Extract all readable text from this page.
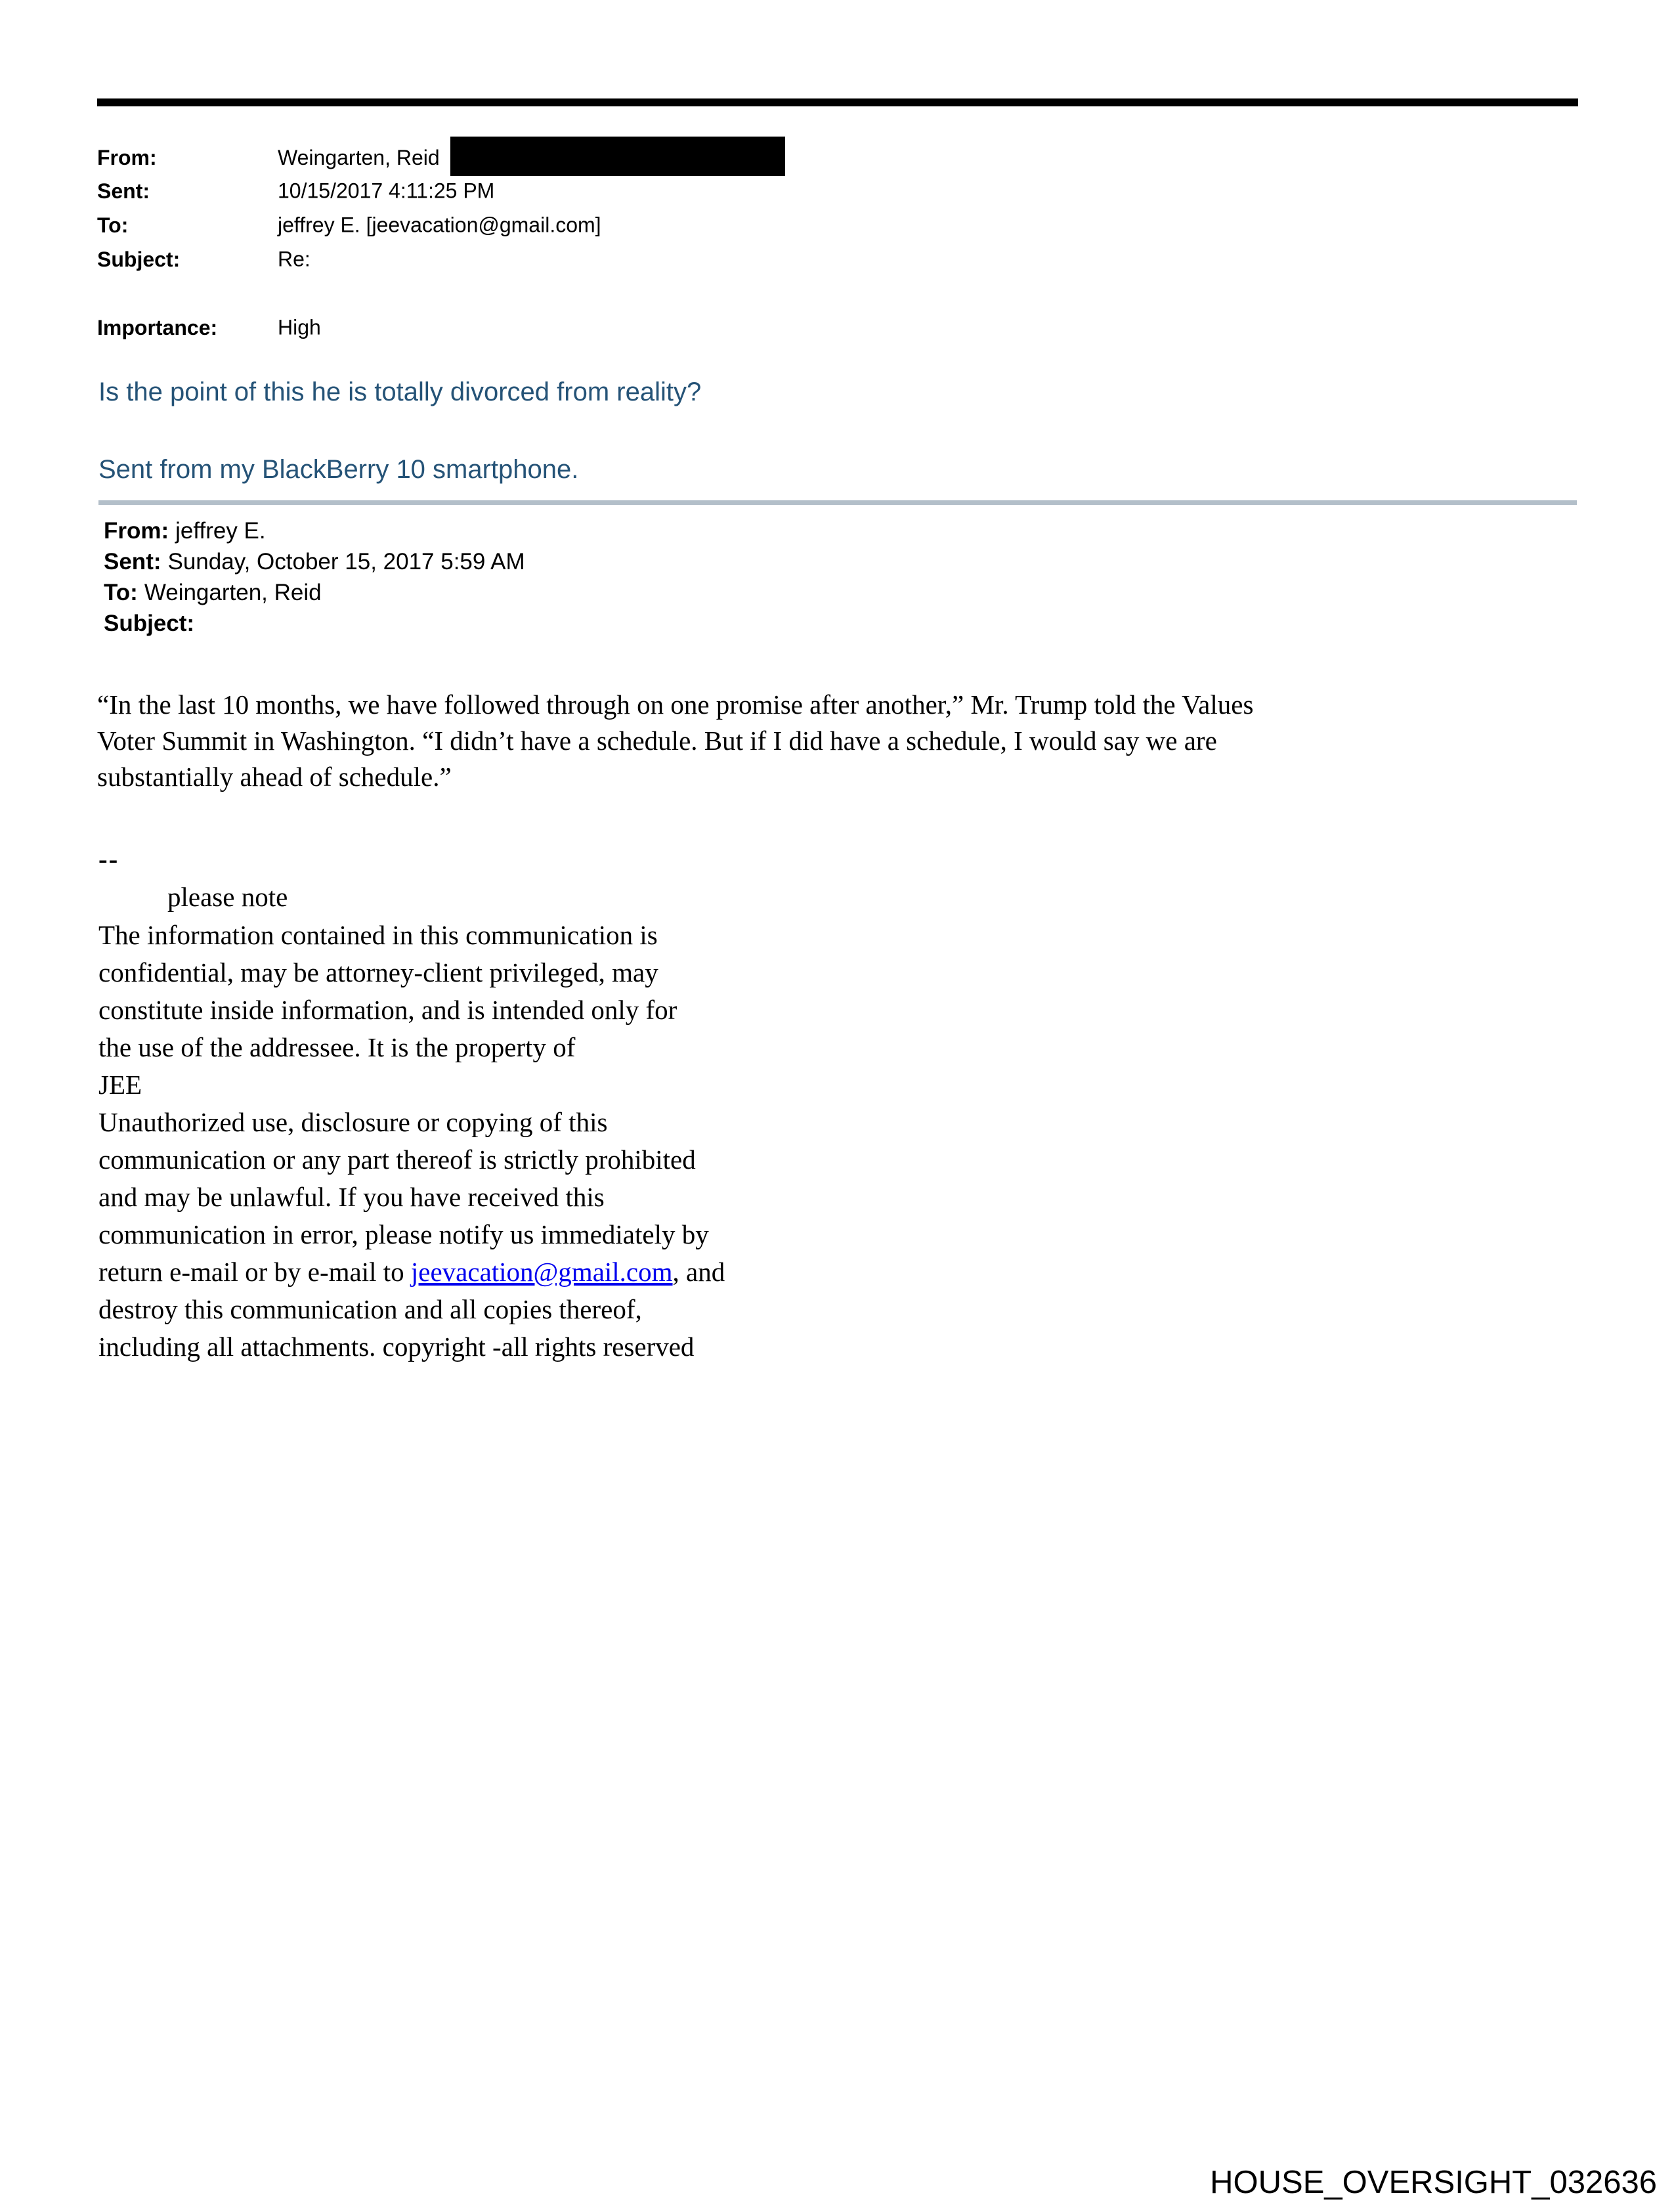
From:	Weingarten, Reid
Sent:	10/15/2017 4:11:25 PM
To:	jeffrey E. [jeevacation@gmail.com]
Subject:	Re:
Importance:	High
Is the point of this he is totally divorced from reality?
Sent from my BlackBerry 10 smartphone.
From: jeffrey E.
Sent: Sunday, October 15, 2017 5:59 AM
To: Weingarten, Reid
Subject:
“In the last 10 months, we have followed through on one promise after another,” Mr. Trump told the Values
Voter Summit in Washington. “I didn’t have a schedule. But if I did have a schedule, I would say we are
substantially ahead of schedule.”
--
please note
The information contained in this communication is
confidential, may be attorney-client privileged, may
constitute inside information, and is intended only for
the use of the addressee. It is the property of
JEE
Unauthorized use, disclosure or copying of this
communication or any part thereof is strictly prohibited
and may be unlawful. If you have received this
communication in error, please notify us immediately by
return e-mail or by e-mail to jeevacation@gmail.com, and
destroy this communication and all copies thereof,
including all attachments. copyright -all rights reserved
HOUSE_OVERSIGHT_032636
